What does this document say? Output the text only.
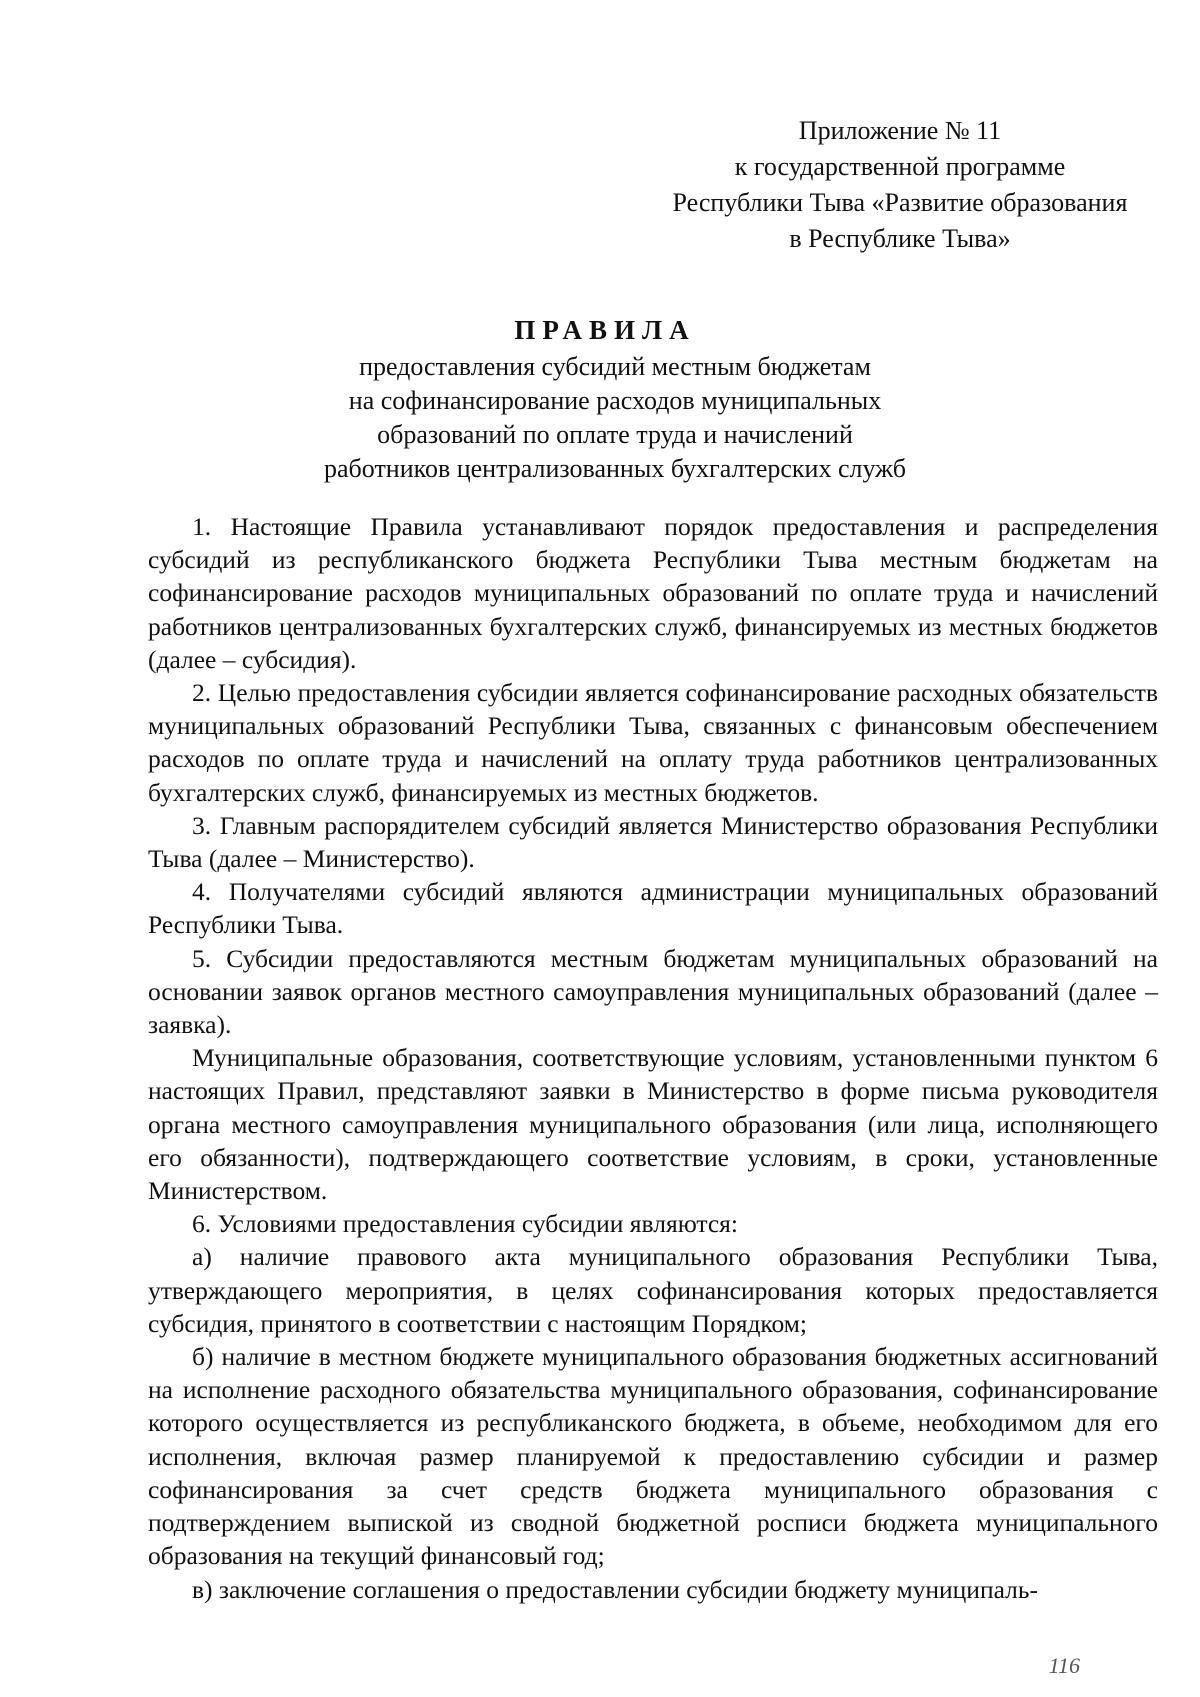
Приложение № 11
к государственной программе
Республики Тыва «Развитие образования
в Республике Тыва»
ПРАВИЛА
предоставления субсидий местным бюджетам
на софинансирование расходов муниципальных
образований по оплате труда и начислений
работников централизованных бухгалтерских служб

1. Настоящие Правила устанавливают порядок предоставления и распределения субсидий из республиканского бюджета Республики Тыва местным бюджетам на софинансирование расходов муниципальных образований по оплате труда и начислений работников централизованных бухгалтерских служб, финансируемых из местных бюджетов (далее – субсидия).

2. Целью предоставления субсидии является софинансирование расходных обязательств муниципальных образований Республики Тыва, связанных с финансовым обеспечением расходов по оплате труда и начислений на оплату труда работников централизованных бухгалтерских служб, финансируемых из местных бюджетов.

3. Главным распорядителем субсидий является Министерство образования Республики Тыва (далее – Министерство).

4. Получателями субсидий являются администрации муниципальных образований Республики Тыва.

5. Субсидии предоставляются местным бюджетам муниципальных образований на основании заявок органов местного самоуправления муниципальных образований (далее – заявка).

Муниципальные образования, соответствующие условиям, установленными пунктом 6 настоящих Правил, представляют заявки в Министерство в форме письма руководителя органа местного самоуправления муниципального образования (или лица, исполняющего его обязанности), подтверждающего соответствие условиям, в сроки, установленные Министерством.

6. Условиями предоставления субсидии являются:

а) наличие правового акта муниципального образования Республики Тыва, утверждающего мероприятия, в целях софинансирования которых предоставляется субсидия, принятого в соответствии с настоящим Порядком;

б) наличие в местном бюджете муниципального образования бюджетных ассигнований на исполнение расходного обязательства муниципального образования, софинансирование которого осуществляется из республиканского бюджета, в объеме, необходимом для его исполнения, включая размер планируемой к предоставлению субсидии и размер софинансирования за счет средств бюджета муниципального образования с подтверждением выпиской из сводной бюджетной росписи бюджета муниципального образования на текущий финансовый год;

в) заключение соглашения о предоставлении субсидии бюджету муниципаль-

116
